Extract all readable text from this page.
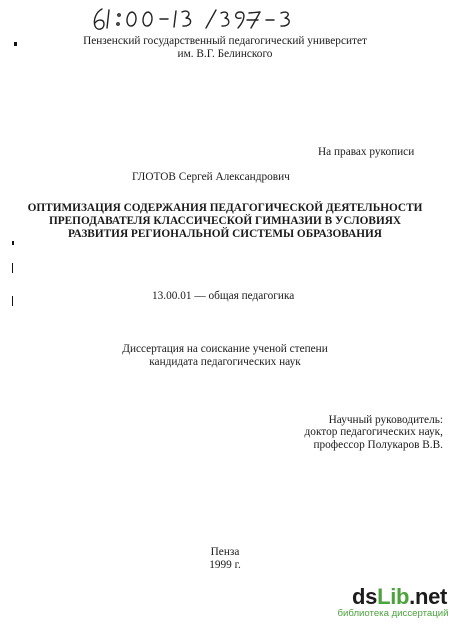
Пензенский государственный педагогический университет
им. В.Г. Белинского
На правах рукописи
ГЛОТОВ Сергей Александрович
ОПТИМИЗАЦИЯ СОДЕРЖАНИЯ ПЕДАГОГИЧЕСКОЙ ДЕЯТЕЛЬНОСТИ
ПРЕПОДАВАТЕЛЯ КЛАССИЧЕСКОЙ ГИМНАЗИИ В УСЛОВИЯХ
РАЗВИТИЯ РЕГИОНАЛЬНОЙ СИСТЕМЫ ОБРАЗОВАНИЯ
13.00.01 — общая педагогика
Диссертация на соискание ученой степени
кандидата педагогических наук
Научный руководитель:
доктор педагогических наук,
профессор Полукаров В.В.
Пенза
1999 г.
dsLib.net
библиотека диссертаций
